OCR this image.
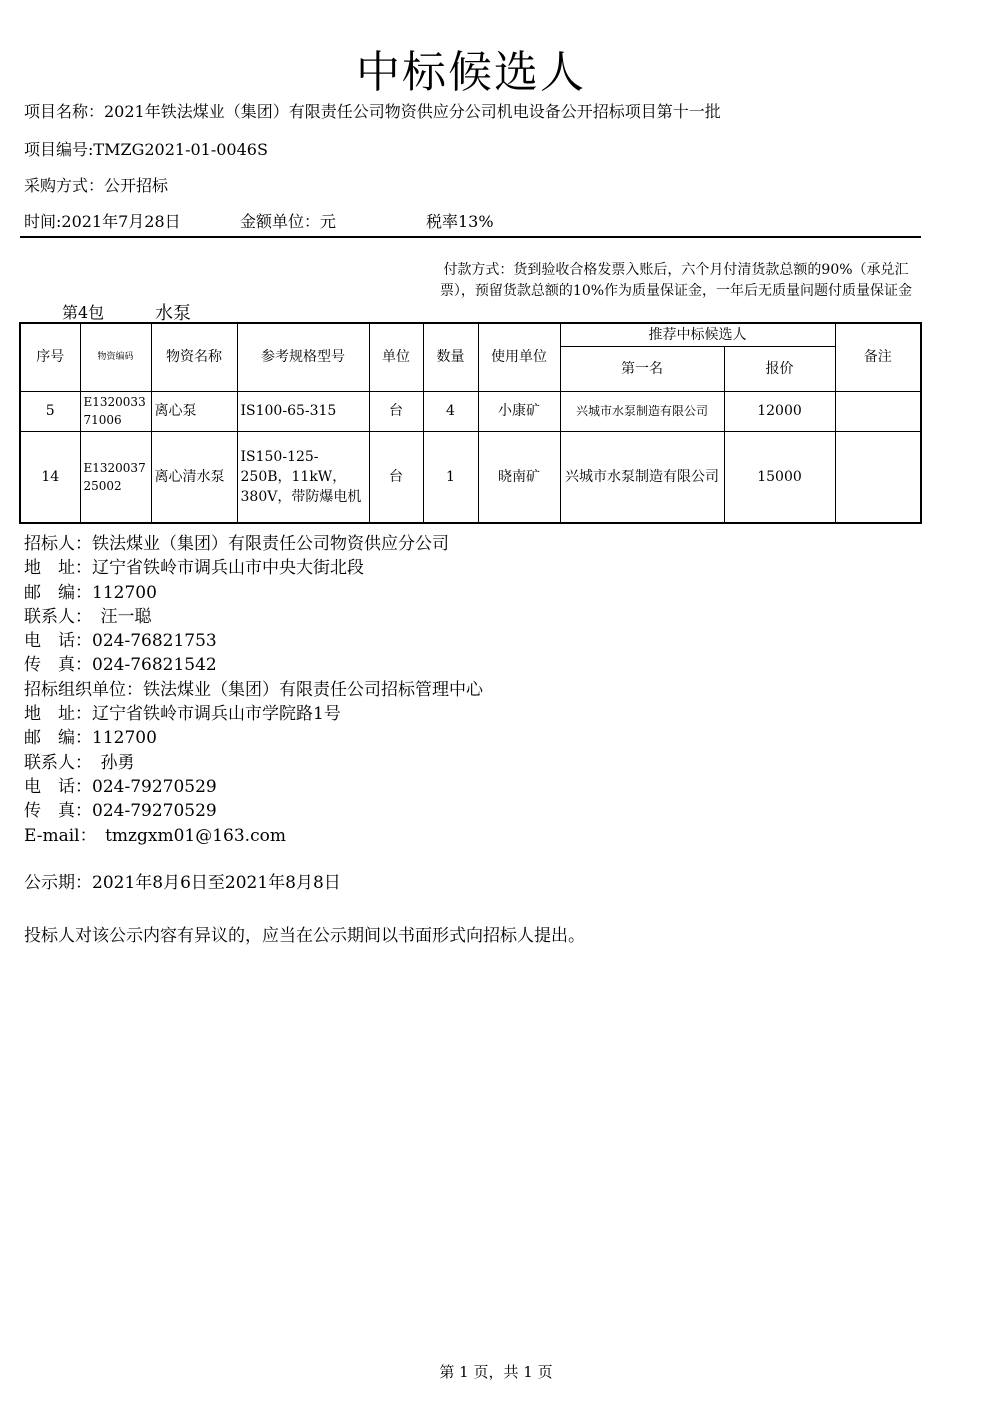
中标候选人
项目名称：2021年铁法煤业（集团）有限责任公司物资供应分公司机电设备公开招标项目第十一批
项目编号:TMZG2021-01-0046S
采购方式：公开招标
时间:2021年7月28日	金额单位：元	税率13%
付款方式：货到验收合格发票入账后，六个月付清货款总额的90%（承兑汇票），预留货款总额的10%作为质量保证金，一年后无质量问题付质量保证金
第4包	水泵
序号	物资编码	物资名称	参考规格型号	单位	数量	使用单位	推荐中标候选人		备注
							第一名	报价	
5	E132003371006	离心泵	IS100-65-315	台	4	小康矿	兴城市水泵制造有限公司	12000	
14	E132003725002	离心清水泵	IS150-125-250B，11kW，380V，带防爆电机	台	1	晓南矿	兴城市水泵制造有限公司	15000	
招标人：铁法煤业（集团）有限责任公司物资供应分公司
地　址：辽宁省铁岭市调兵山市中央大街北段
邮　编：112700
联系人：　汪一聪
电　话：024-76821753
传　真：024-76821542
招标组织单位：铁法煤业（集团）有限责任公司招标管理中心
地　址：辽宁省铁岭市调兵山市学院路1号
邮　编：112700
联系人：　孙勇
电　话：024-79270529
传　真：024-79270529
E-mail：　tmzgxm01@163.com
公示期：2021年8月6日至2021年8月8日
投标人对该公示内容有异议的，应当在公示期间以书面形式向招标人提出。
第 1 页，共 1 页
